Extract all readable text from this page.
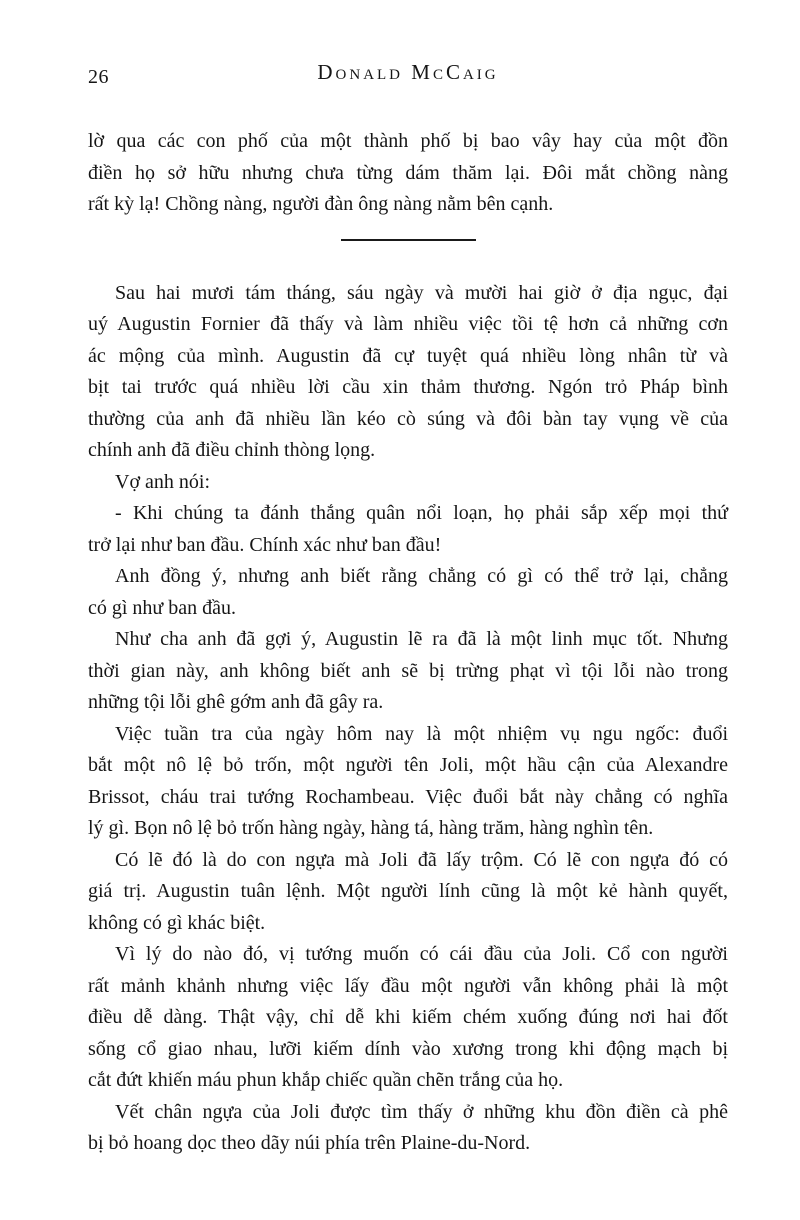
26	Donald McCaig

lờ qua các con phố của một thành phố bị bao vây hay của một đồn
điền họ sở hữu nhưng chưa từng dám thăm lại. Đôi mắt chồng nàng
rất kỳ lạ! Chồng nàng, người đàn ông nàng nằm bên cạnh.

Sau hai mươi tám tháng, sáu ngày và mười hai giờ ở địa ngục, đại
uý Augustin Fornier đã thấy và làm nhiều việc tồi tệ hơn cả những cơn
ác mộng của mình. Augustin đã cự tuyệt quá nhiều lòng nhân từ và
bịt tai trước quá nhiều lời cầu xin thảm thương. Ngón trỏ Pháp bình
thường của anh đã nhiều lần kéo cò súng và đôi bàn tay vụng về của
chính anh đã điều chỉnh thòng lọng.

Vợ anh nói:

- Khi chúng ta đánh thắng quân nổi loạn, họ phải sắp xếp mọi thứ
trở lại như ban đầu. Chính xác như ban đầu!

Anh đồng ý, nhưng anh biết rằng chẳng có gì có thể trở lại, chẳng
có gì như ban đầu.

Như cha anh đã gợi ý, Augustin lẽ ra đã là một linh mục tốt. Nhưng
thời gian này, anh không biết anh sẽ bị trừng phạt vì tội lỗi nào trong
những tội lỗi ghê gớm anh đã gây ra.

Việc tuần tra của ngày hôm nay là một nhiệm vụ ngu ngốc: đuổi
bắt một nô lệ bỏ trốn, một người tên Joli, một hầu cận của Alexandre
Brissot, cháu trai tướng Rochambeau. Việc đuổi bắt này chẳng có nghĩa
lý gì. Bọn nô lệ bỏ trốn hàng ngày, hàng tá, hàng trăm, hàng nghìn tên.

Có lẽ đó là do con ngựa mà Joli đã lấy trộm. Có lẽ con ngựa đó có
giá trị. Augustin tuân lệnh. Một người lính cũng là một kẻ hành quyết,
không có gì khác biệt.

Vì lý do nào đó, vị tướng muốn có cái đầu của Joli. Cổ con người
rất mảnh khảnh nhưng việc lấy đầu một người vẫn không phải là một
điều dễ dàng. Thật vậy, chỉ dễ khi kiếm chém xuống đúng nơi hai đốt
sống cổ giao nhau, lưỡi kiếm dính vào xương trong khi động mạch bị
cắt đứt khiến máu phun khắp chiếc quần chẽn trắng của họ.

Vết chân ngựa của Joli được tìm thấy ở những khu đồn điền cà phê
bị bỏ hoang dọc theo dãy núi phía trên Plaine-du-Nord.
